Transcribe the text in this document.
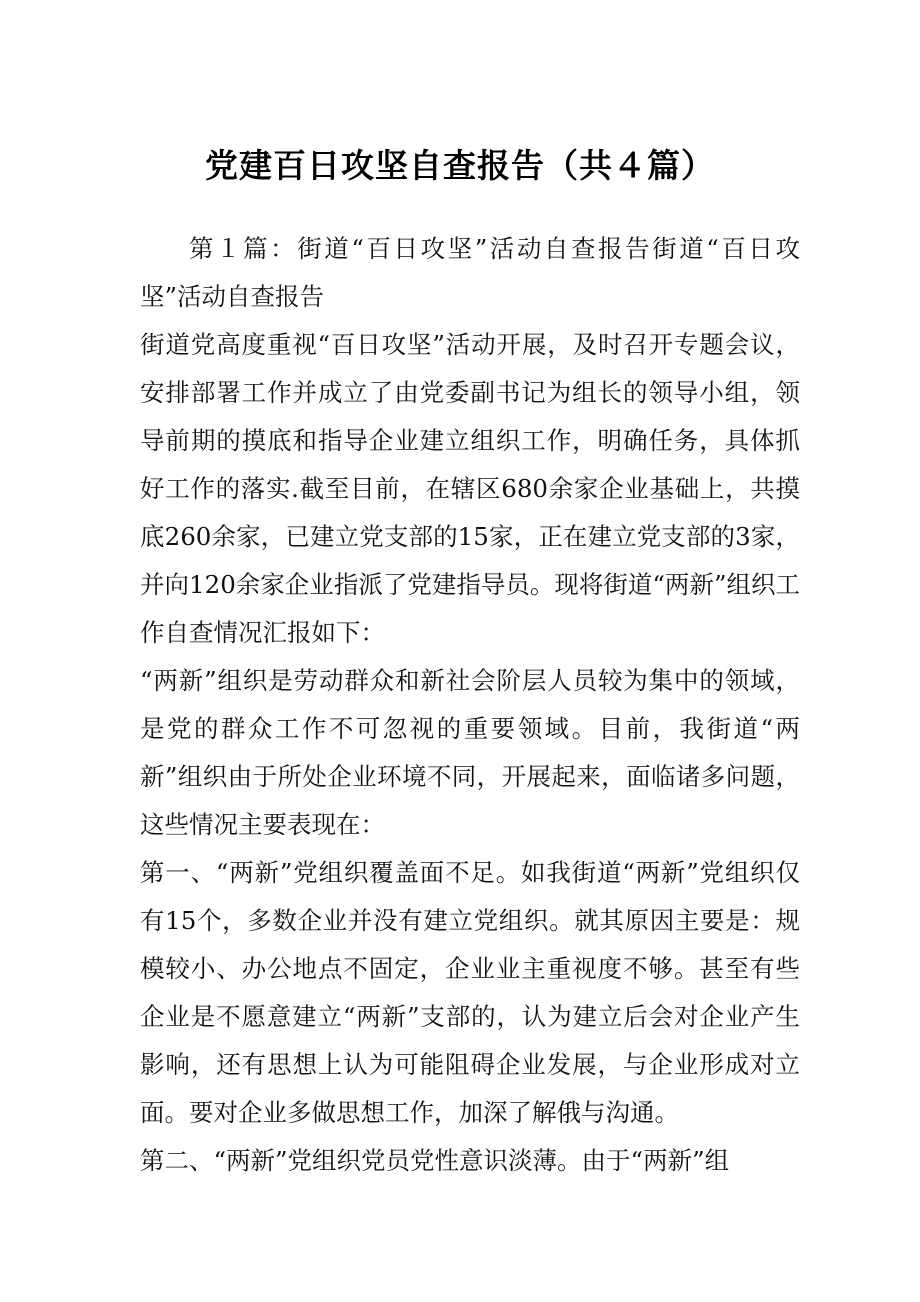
党建百日攻坚自查报告（共４篇）

第１篇：街道“百日攻坚”活动自查报告街道“百日攻坚”活动自查报告

街道党高度重视“百日攻坚”活动开展，及时召开专题会议，安排部署工作并成立了由党委副书记为组长的领导小组，领导前期的摸底和指导企业建立组织工作，明确任务，具体抓好工作的落实.截至目前，在辖区680余家企业基础上，共摸底260余家，已建立党支部的15家，正在建立党支部的3家，并向120余家企业指派了党建指导员。现将街道“两新”组织工作自查情况汇报如下：

“两新”组织是劳动群众和新社会阶层人员较为集中的领域，是党的群众工作不可忽视的重要领域。目前，我街道“两新”组织由于所处企业环境不同，开展起来，面临诸多问题，这些情况主要表现在：

第一、“两新”党组织覆盖面不足。如我街道“两新”党组织仅有15个，多数企业并没有建立党组织。就其原因主要是：规模较小、办公地点不固定，企业业主重视度不够。甚至有些企业是不愿意建立“两新”支部的，认为建立后会对企业产生影响，还有思想上认为可能阻碍企业发展，与企业形成对立面。要对企业多做思想工作，加深了解俄与沟通。

第二、“两新”党组织党员党性意识淡薄。由于“两新”组
